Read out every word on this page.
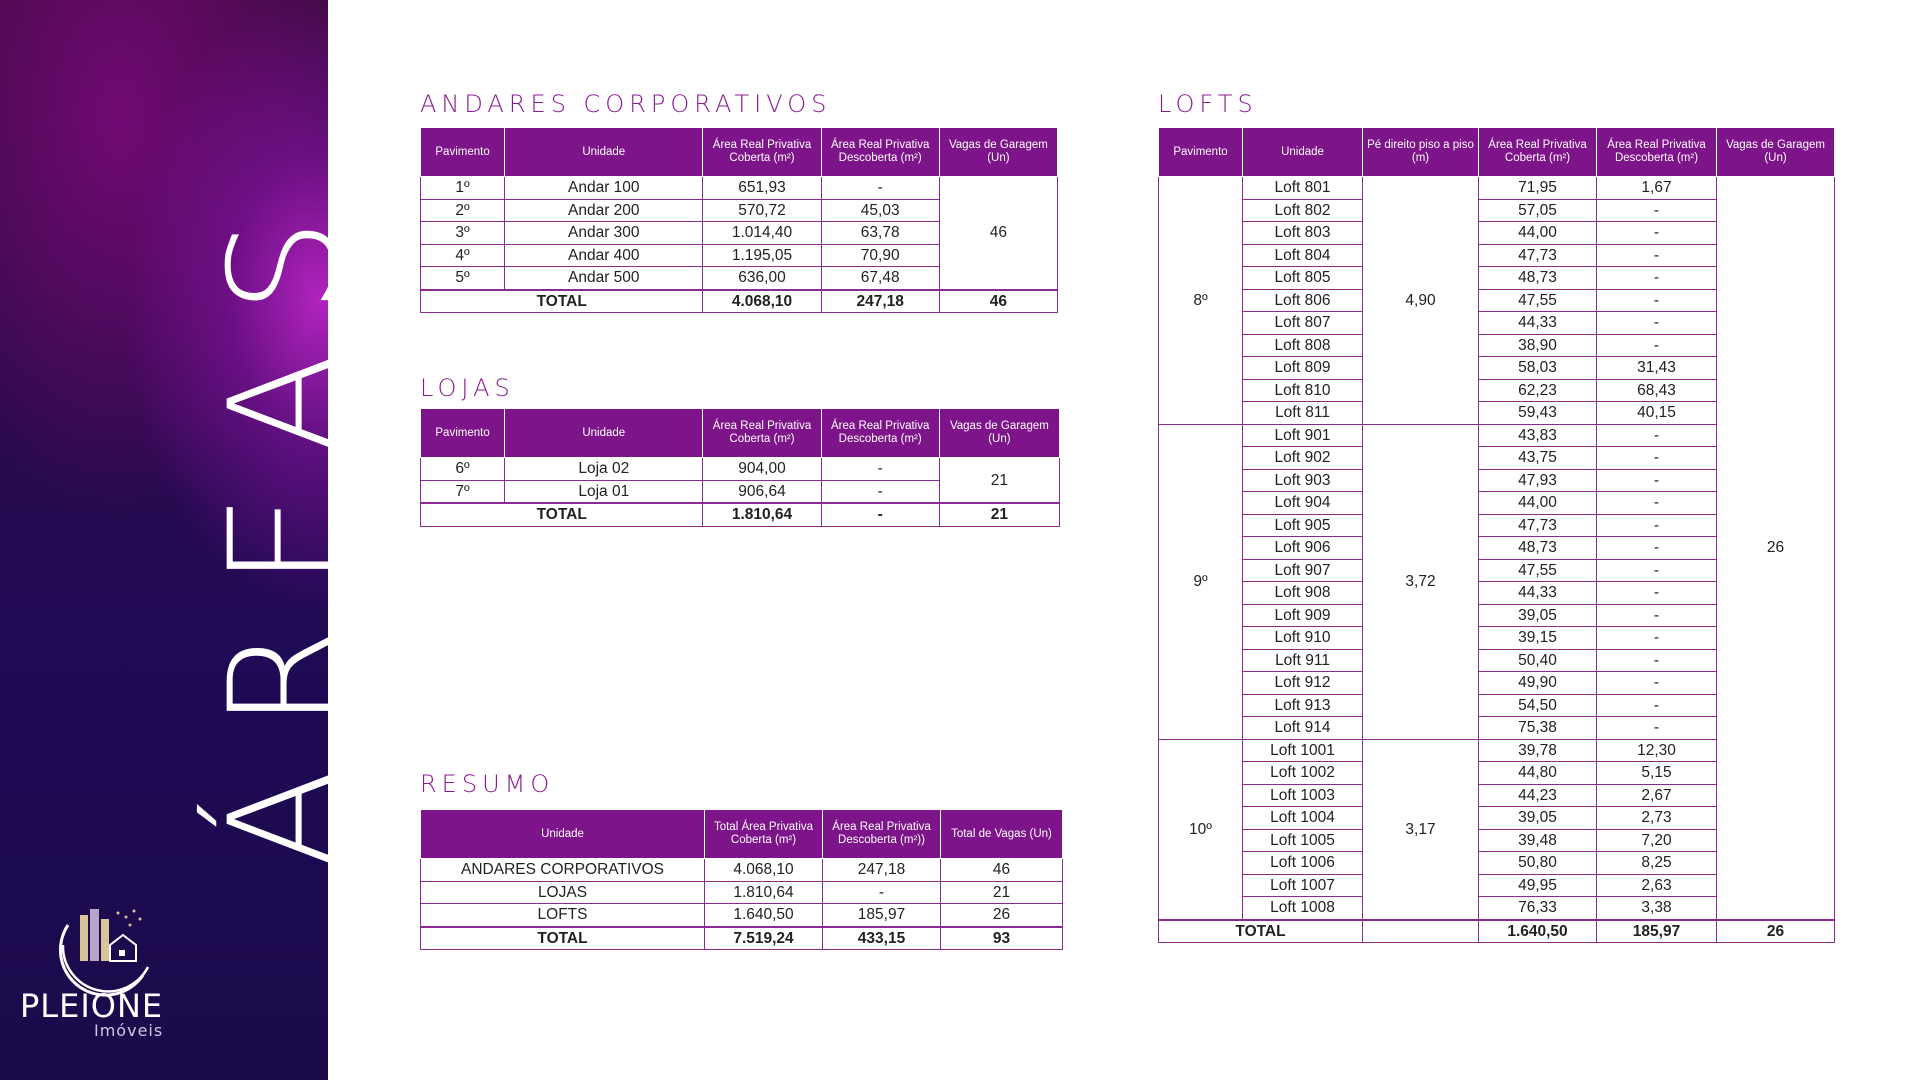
ÁREAS
PLEIONE
Imóveis
ANDARES CORPORATIVOS
Pavimento	Unidade	Área Real Privativa Coberta (m²)	Área Real Privativa Descoberta (m²)	Vagas de Garagem (Un)
1º	Andar 100	651,93	-	46
2º	Andar 200	570,72	45,03	
3º	Andar 300	1.014,40	63,78	
4º	Andar 400	1.195,05	70,90	
5º	Andar 500	636,00	67,48	
TOTAL		4.068,10	247,18	46
LOJAS
Pavimento	Unidade	Área Real Privativa Coberta (m²)	Área Real Privativa Descoberta (m²)	Vagas de Garagem (Un)
6º	Loja 02	904,00	-	21
7º	Loja 01	906,64	-	
TOTAL		1.810,64	-	21
RESUMO
Unidade	Total Área Privativa Coberta (m²)	Área Real Privativa Descoberta (m²))	Total de Vagas (Un)
ANDARES CORPORATIVOS	4.068,10	247,18	46
LOJAS	1.810,64	-	21
LOFTS	1.640,50	185,97	26
TOTAL	7.519,24	433,15	93
LOFTS
Pavimento	Unidade	Pé direito piso a piso (m)	Área Real Privativa Coberta (m²)	Área Real Privativa Descoberta (m²)	Vagas de Garagem (Un)
8º	Loft 801	4,90	71,95	1,67	26
	Loft 802		57,05	-	
	Loft 803		44,00	-	
	Loft 804		47,73	-	
	Loft 805		48,73	-	
	Loft 806		47,55	-	
	Loft 807		44,33	-	
	Loft 808		38,90	-	
	Loft 809		58,03	31,43	
	Loft 810		62,23	68,43	
	Loft 811		59,43	40,15	
9º	Loft 901	3,72	43,83	-	
	Loft 902		43,75	-	
	Loft 903		47,93	-	
	Loft 904		44,00	-	
	Loft 905		47,73	-	
	Loft 906		48,73	-	
	Loft 907		47,55	-	
	Loft 908		44,33	-	
	Loft 909		39,05	-	
	Loft 910		39,15	-	
	Loft 911		50,40	-	
	Loft 912		49,90	-	
	Loft 913		54,50	-	
	Loft 914		75,38	-	
10º	Loft 1001	3,17	39,78	12,30	
	Loft 1002		44,80	5,15	
	Loft 1003		44,23	2,67	
	Loft 1004		39,05	2,73	
	Loft 1005		39,48	7,20	
	Loft 1006		50,80	8,25	
	Loft 1007		49,95	2,63	
	Loft 1008		76,33	3,38	
TOTAL			1.640,50	185,97	26
